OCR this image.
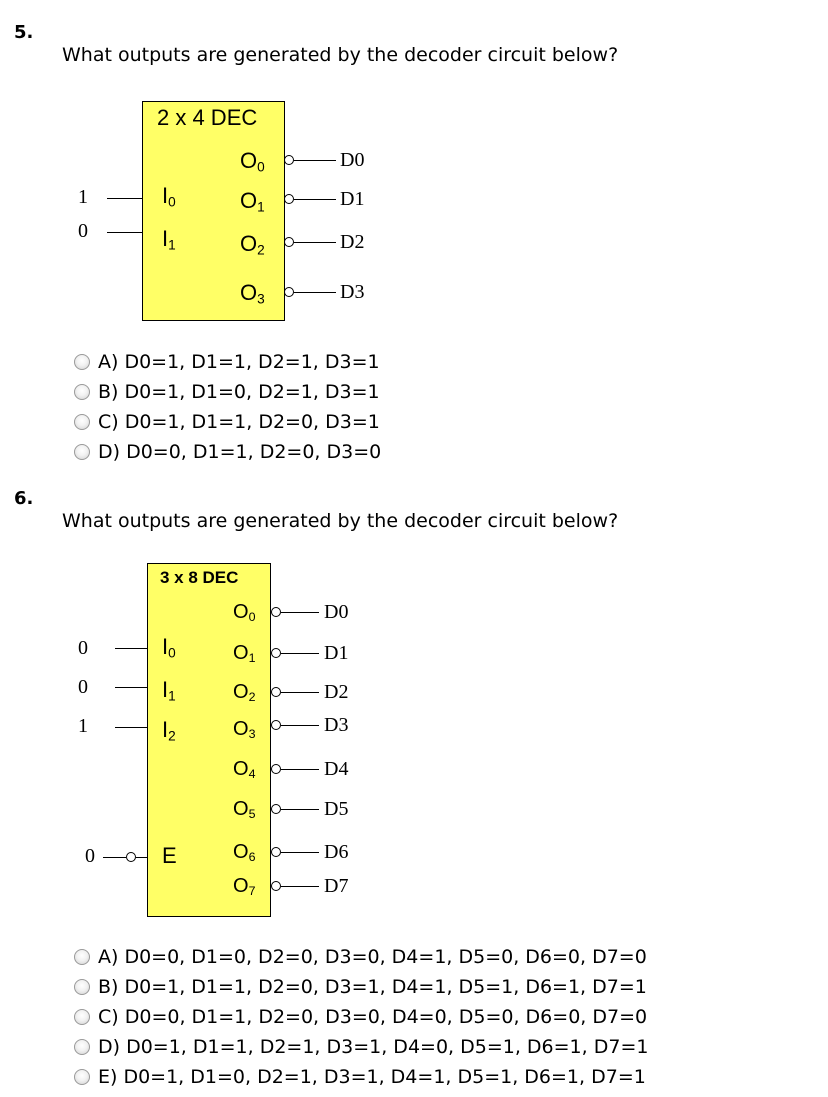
5.
What outputs are generated by the decoder circuit below?
2 x 4 DEC
1	$I_0$
0	$I_1$
$O_0$	D0
$O_1$	D1
$O_2$	D2
$O_3$	D3
A) D0=1, D1=1, D2=1, D3=1
B) D0=1, D1=0, D2=1, D3=1
C) D0=1, D1=1, D2=0, D3=1
D) D0=0, D1=1, D2=0, D3=0
6.
What outputs are generated by the decoder circuit below?
3 x 8 DEC
0	$I_0$
0	$I_1$
1	$I_2$
0	E
$O_0$	D0
$O_1$	D1
$O_2$	D2
$O_3$	D3
$O_4$	D4
$O_5$	D5
$O_6$	D6
$O_7$	D7
A) D0=0, D1=0, D2=0, D3=0, D4=1, D5=0, D6=0, D7=0
B) D0=1, D1=1, D2=0, D3=1, D4=1, D5=1, D6=1, D7=1
C) D0=0, D1=1, D2=0, D3=0, D4=0, D5=0, D6=0, D7=0
D) D0=1, D1=1, D2=1, D3=1, D4=0, D5=1, D6=1, D7=1
E) D0=1, D1=0, D2=1, D3=1, D4=1, D5=1, D6=1, D7=1
